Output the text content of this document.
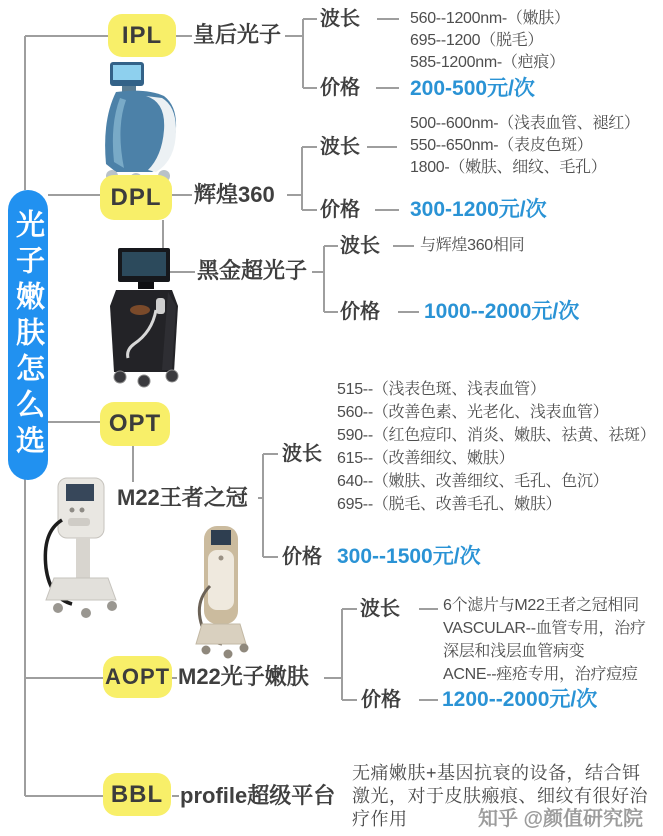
光子嫩肤怎么选
IPL 皇后光子
波长	560--1200nm-（嫩肤）
695--1200（脱毛）
585-1200nm-（疤痕）
价格 200-500元/次
DPL 辉煌360
波长
500--600nm-（浅表血管、褪红）
550--650nm-（表皮色斑）
1800-（嫩肤、细纹、毛孔）
价格 300-1200元/次
黑金超光子
波长	与辉煌360相同
价格 1000--2000元/次
OPT
M22王者之冠
波长
515--（浅表色斑、浅表血管）
560--（改善色素、光老化、浅表血管）
590--（红色痘印、消炎、嫩肤、祛黄、祛斑）
615--（改善细纹、嫩肤）
640--（嫩肤、改善细纹、毛孔、色沉）
695--（脱毛、改善毛孔、嫩肤）
价格 300--1500元/次
AOPT M22光子嫩肤
波长	6个滤片与M22王者之冠相同
VASCULAR--血管专用，治疗
深层和浅层血管病变
ACNE--痤疮专用，治疗痘痘
价格 1200--2000元/次
BBL profile超级平台
无痛嫩肤+基因抗衰的设备，结合铒
激光，对于皮肤瘢痕、细纹有很好治
疗作用	知乎 @颜值研究院
